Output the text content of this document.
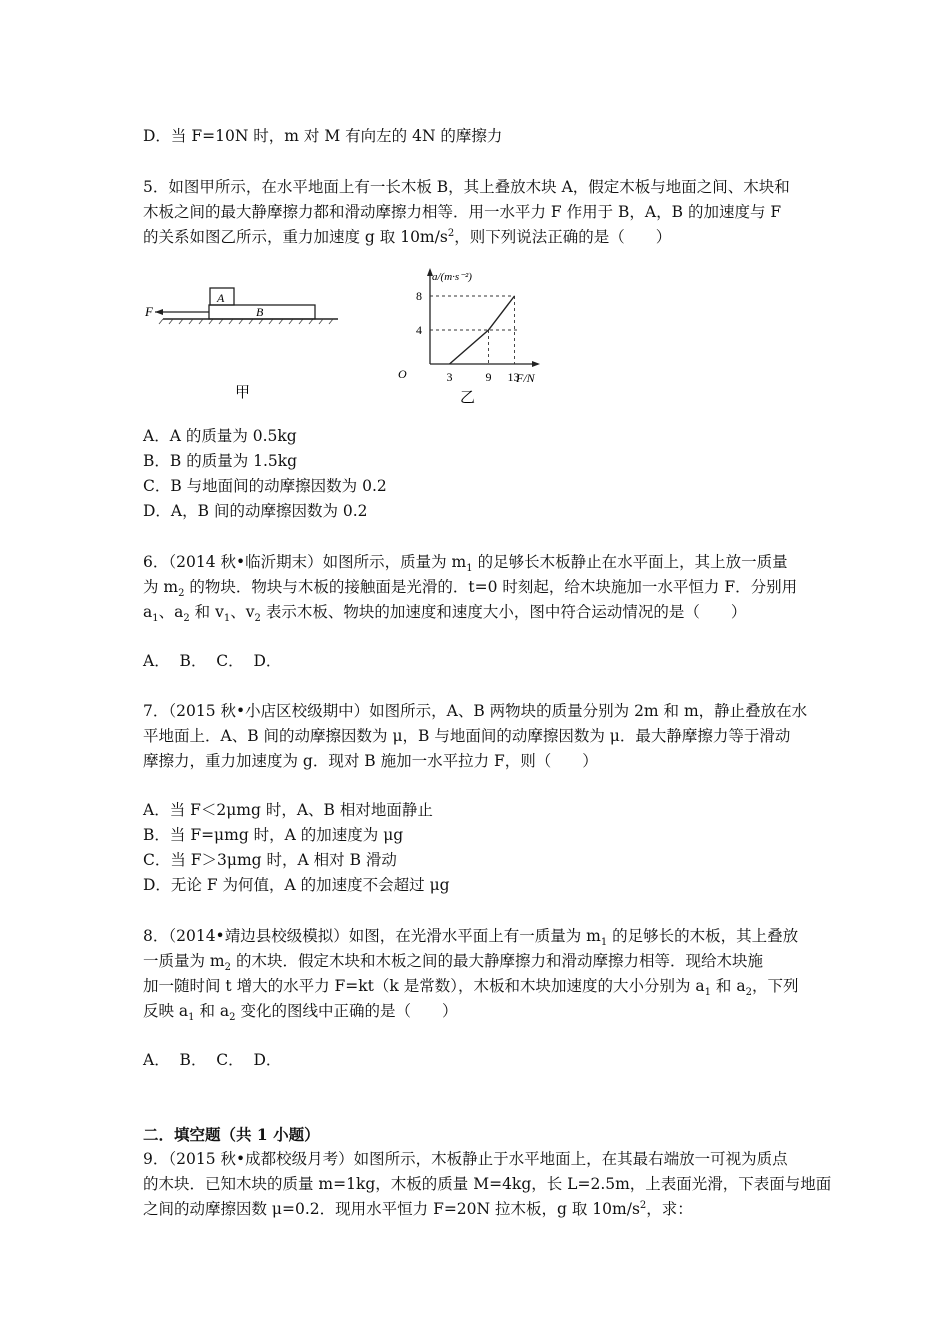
D．当 F=10N 时，m 对 M 有向左的 4N 的摩擦力
5．如图甲所示，在水平地面上有一长木板 B，其上叠放木块 A，假定木板与地面之间、木块和
木板之间的最大静摩擦力都和滑动摩擦力相等．用一水平力 F 作用于 B，A，B 的加速度与 F
的关系如图乙所示，重力加速度 g 取 $10m/s^2$，则下列说法正确的是（　　）
F
A
B
甲
a/(m·s⁻²)
F/N
O
8
4
3	9 13
乙
A．A 的质量为 0.5kg
B．B 的质量为 1.5kg
C．B 与地面间的动摩擦因数为 0.2
D．A，B 间的动摩擦因数为 0.2
6．（2014 秋•临沂期末）如图所示，质量为 $m_1$ 的足够长木板静止在水平面上，其上放一质量
为 $m_2$ 的物块．物块与木板的接触面是光滑的．t=0 时刻起，给木块施加一水平恒力 F．分别用
$a_1$、$a_2$ 和 $v_1$、$v_2$ 表示木板、物块的加速度和速度大小，图中符合运动情况的是（　　）
A．  B．  C．  D．
7．（2015 秋•小店区校级期中）如图所示，A、B 两物块的质量分别为 2m 和 m，静止叠放在水
平地面上．A、B 间的动摩擦因数为 μ，B 与地面间的动摩擦因数为 μ．最大静摩擦力等于滑动
摩擦力，重力加速度为 g．现对 B 施加一水平拉力 F，则（　　）
A．当 F＜2μmg 时，A、B 相对地面静止
B．当 F=μmg 时，A 的加速度为 μg
C．当 F＞3μmg 时，A 相对 B 滑动
D．无论 F 为何值，A 的加速度不会超过 μg
8．（2014•靖边县校级模拟）如图，在光滑水平面上有一质量为 $m_1$ 的足够长的木板，其上叠放
一质量为 $m_2$ 的木块．假定木块和木板之间的最大静摩擦力和滑动摩擦力相等．现给木块施
加一随时间 t 增大的水平力 F=kt（k 是常数），木板和木块加速度的大小分别为 $a_1$ 和 $a_2$，下列
反映 $a_1$ 和 $a_2$ 变化的图线中正确的是（　　）
A．  B．  C．  D．
二．填空题（共 1 小题）
9．（2015 秋•成都校级月考）如图所示，木板静止于水平地面上，在其最右端放一可视为质点
的木块．已知木块的质量 m=1kg，木板的质量 M=4kg，长 L=2.5m，上表面光滑，下表面与地面
之间的动摩擦因数 μ=0.2．现用水平恒力 F=20N 拉木板，g 取 $10m/s^2$，求：
